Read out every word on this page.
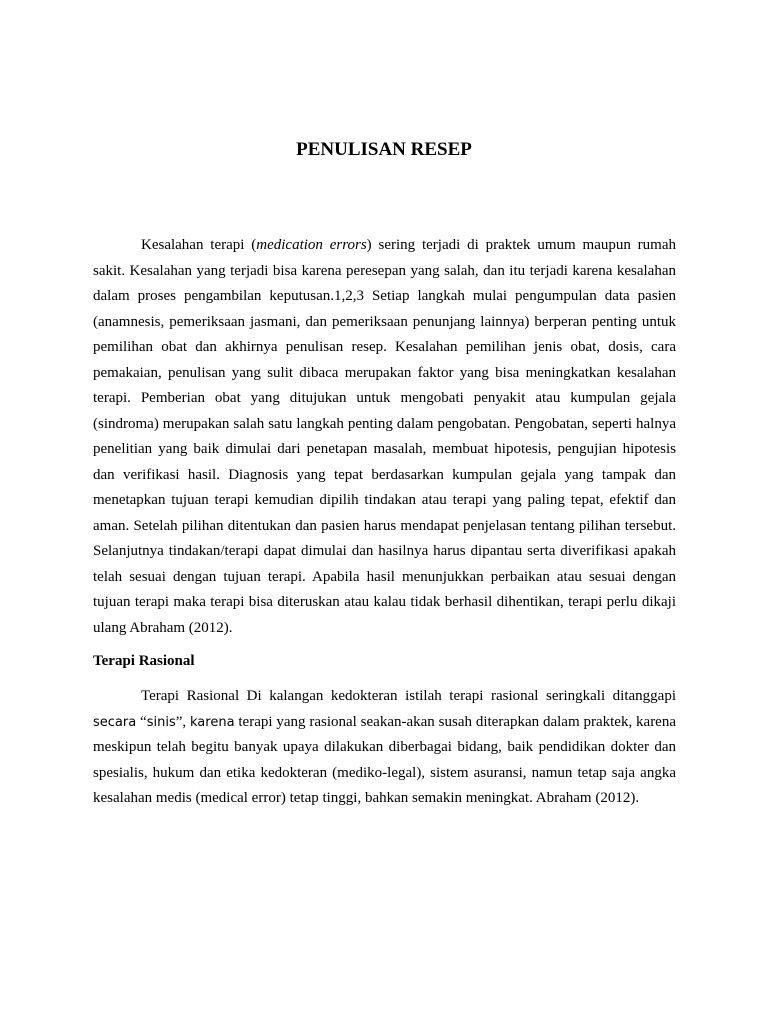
PENULISAN RESEP

Kesalahan terapi (medication errors) sering terjadi di praktek umum maupun rumah sakit. Kesalahan yang terjadi bisa karena peresepan yang salah, dan itu terjadi karena kesalahan dalam proses pengambilan keputusan.1,2,3 Setiap langkah mulai pengumpulan data pasien (anamnesis, pemeriksaan jasmani, dan pemeriksaan penunjang lainnya) berperan penting untuk pemilihan obat dan akhirnya penulisan resep. Kesalahan pemilihan jenis obat, dosis, cara pemakaian, penulisan yang sulit dibaca merupakan faktor yang bisa meningkatkan kesalahan terapi. Pemberian obat yang ditujukan untuk mengobati penyakit atau kumpulan gejala (sindroma) merupakan salah satu langkah penting dalam pengobatan. Pengobatan, seperti halnya penelitian yang baik dimulai dari penetapan masalah, membuat hipotesis, pengujian hipotesis dan verifikasi hasil. Diagnosis yang tepat berdasarkan kumpulan gejala yang tampak dan menetapkan tujuan terapi kemudian dipilih tindakan atau terapi yang paling tepat, efektif dan aman. Setelah pilihan ditentukan dan pasien harus mendapat penjelasan tentang pilihan tersebut. Selanjutnya tindakan/terapi dapat dimulai dan hasilnya harus dipantau serta diverifikasi apakah telah sesuai dengan tujuan terapi. Apabila hasil menunjukkan perbaikan atau sesuai dengan tujuan terapi maka terapi bisa diteruskan atau kalau tidak berhasil dihentikan, terapi perlu dikaji ulang Abraham (2012).

Terapi Rasional

Terapi Rasional Di kalangan kedokteran istilah terapi rasional seringkali ditanggapi secara “sinis”, karena terapi yang rasional seakan-akan susah diterapkan dalam praktek, karena meskipun telah begitu banyak upaya dilakukan diberbagai bidang, baik pendidikan dokter dan spesialis, hukum dan etika kedokteran (mediko-legal), sistem asuransi, namun tetap saja angka kesalahan medis (medical error) tetap tinggi, bahkan semakin meningkat. Abraham (2012).
